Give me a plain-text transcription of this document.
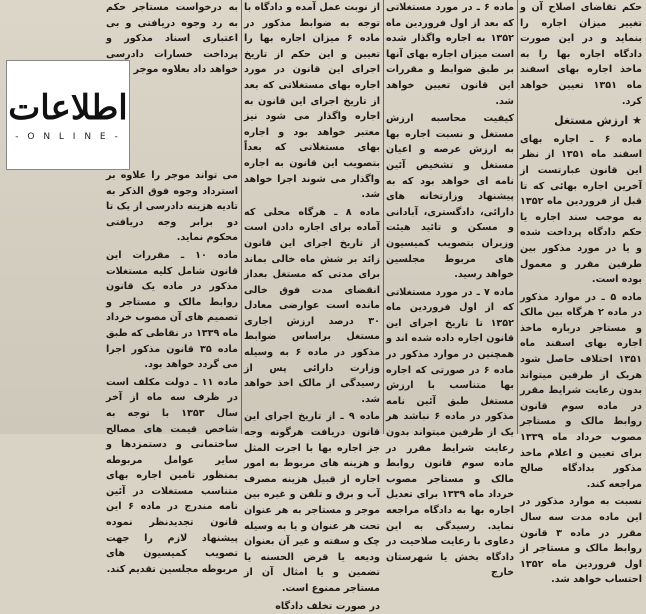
حکم تقاضای اصلاح آن و تغییر میزان اجاره را بنماید و در این صورت دادگاه اجاره بها را به ماخذ اجاره بهای اسفند ماه ۱۳۵۱ تعیین خواهد کرد.

★
ارزش مستغل

ماده ۶ ـ اجاره بهای اسفند ماه ۱۳۵۱ از نظر این قانون عبارتست از آخرین اجاره بهائی که تا قبل از فروردین ماه ۱۳۵۲ به موجب سند اجاره یا حکم دادگاه پرداخت شده و یا در مورد مذکور بین طرفین مقرر و معمول بوده است.

ماده ۵ ـ در موارد مذکور در ماده ۲ هرگاه بین مالک و مستاجر درباره ماخذ اجاره بهای اسفند ماه ۱۳۵۱ اختلاف حاصل شود هریک از طرفین میتواند بدون رعایت شرایط مقرر در ماده سوم قانون روابط مالک و مستاجر مصوب خرداد ماه ۱۳۳۹ برای تعیین و اعلام ماخذ مذکور بدادگاه صالح مراجعه کند.

نسبت به موارد مذکور در این ماده مدت سه سال مقرر در ماده ۳ قانون روابط مالک و مستاجر از اول فروردین ماه ۱۳۵۲ احتساب خواهد شد.

ماده ۶ ـ در مورد مستغلاتی که بعد از اول فروردین ماه ۱۳۵۲ به اجاره واگذار شده است میزان اجاره بهای آنها بر طبق ضوابط و مقررات این قانون تعیین خواهد شد.

کیفیت محاسبه ارزش مستغل و نسبت اجاره بها به ارزش عرصه و اعیان مستغل و تشخیص آئین نامه ای خواهد بود که به پیشنهاد وزارتخانه های دارائی، دادگستری، آبادانی و مسکن و تائید هیئت وزیران بتصویب کمیسیون های مربوط مجلسین خواهد رسید.

ماده ۷ ـ در مورد مستغلاتی که از اول فروردین ماه ۱۳۵۲ تا تاریخ اجرای این قانون اجاره داده شده اند و همچنین در موارد مذکور در ماده ۶ در صورتی که اجاره بها متناسب با ارزش مستغل طبق آئین نامه مذکور در ماده ۶ نباشد هر یک از طرفین میتواند بدون رعایت شرایط مقرر در ماده سوم قانون روابط مالک و مستاجر مصوب خرداد ماه ۱۳۳۹ برای تعدیل اجاره بها به دادگاه مراجعه نماید. رسیدگی به این دعاوی با رعایت صلاحیت در دادگاه بخش یا شهرستان خارج

از نوبت عمل آمده و دادگاه با توجه به ضوابط مذکور در ماده ۶ میزان اجاره بها را تعیین و این حکم از تاریخ اجرای این قانون در مورد اجاره بهای مستغلاتی که بعد از تاریخ اجرای این قانون به اجاره واگذار می شود نیز معتبر خواهد بود و اجاره بهای مستغلاتی که بعداً بتصویب این قانون به اجاره واگذار می شوند اجرا خواهد شد.

ماده ۸ ـ هرگاه محلی که آماده برای اجاره دادن است از تاریخ اجرای این قانون زائد بر شش ماه خالی بماند برای مدتی که مستغل بعداز انقضای مدت فوق خالی مانده است عوارضی معادل ۳۰ درصد ارزش اجاری مستغل براساس ضوابط مذکور در ماده ۶ به وسیله وزارت دارائی پس از رسیدگی از مالک اخذ خواهد شد.

ماده ۹ ـ از تاریخ اجرای این قانون دریافت هرگونه وجه جز اجاره بها با اجرت المثل و هزینه های مربوط به امور اجاره از قبیل هزینه مصرف آب و برق و تلفن و غیره بین موجر و مستاجر به هر عنوان تحت هر عنوان و یا به وسیله چک و سفته و غیر آن بعنوان ودیعه یا قرض الحسنه یا تضمین و یا امثال آن از مستاجر ممنوع است.

در صورت تخلف دادگاه

به درخواست مستاجر حکم به رد وجوه دریافتی و بی اعتباری اسناد مذکور و پرداخت خسارات دادرسی خواهد داد بعلاوه موجر

اطلاعات
- O N L I N E -

می تواند موجر را علاوه بر استرداد وجوه فوق الذکر به تادیه هزینه دادرسی از یک تا دو برابر وجه دریافتی محکوم نماید.

ماده ۱۰ ـ مقررات این قانون شامل کلیه مستغلات مذکور در ماده یک قانون روابط مالک و مستاجر و تصمیم های آن مصوب خرداد ماه ۱۳۳۹ در نقاطی که طبق ماده ۳۵ قانون مذکور اجرا می گردد خواهد بود.

ماده ۱۱ ـ دولت مکلف است در ظرف سه ماه از آخر سال ۱۳۵۳ با توجه به شاخص قیمت های مصالح ساختمانی و دستمزدها و سایر عوامل مربوطه بمنظور تامین اجاره بهای متناسب مستغلات در آئین نامه مندرج در ماده ۶ این قانون تجدیدنظر نموده پیشنهاد لازم را جهت تصویب کمیسیون های مربوطه مجلسین تقدیم کند.
